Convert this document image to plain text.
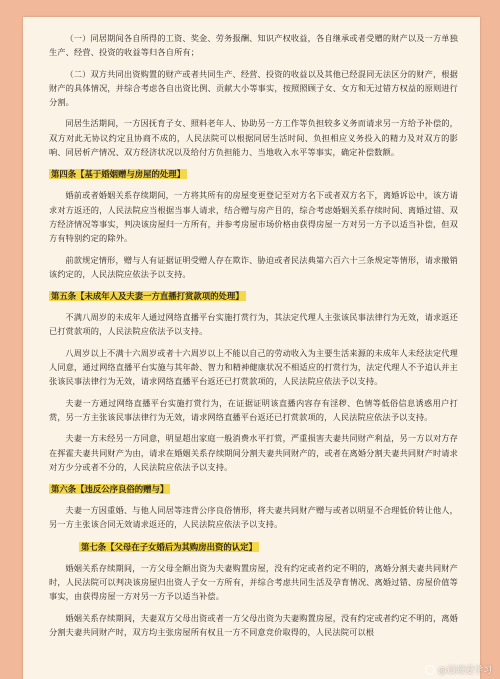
（一）同居期间各自所得的工资、奖金、劳务报酬、知识产权收益，各自继承或者受赠的财产以及一方单独生产、经营、投资的收益等归各自所有；

（二）双方共同出资购置的财产或者共同生产、经营、投资的收益以及其他已经混同无法区分的财产，根据财产的具体情况，并综合考虑各自出资比例、贡献大小等事实，按照照顾子女、女方和无过错方权益的原则进行分割。

同居生活期间，一方因抚育子女、照料老年人、协助另一方工作等负担较多义务而请求另一方给予补偿的，双方对此无协议约定且协商不成的，人民法院可以根据同居生活时间、负担相应义务投入的精力及对双方的影响、同居析产情况、双方经济状况以及给付方负担能力、当地收入水平等事实，确定补偿数额。

第四条【基于婚姻赠与房屋的处理】

婚前或者婚姻关系存续期间，一方将其所有的房屋变更登记至对方名下或者双方名下，离婚诉讼中，该方请求对方返还的，人民法院应当根据当事人请求，结合赠与房产目的，综合考虑婚姻关系存续时间、离婚过错、双方经济情况等事实，判决该房屋归一方所有，并参考房屋市场价格由获得房屋一方对另一方予以适当补偿，但双方有特别约定的除外。

前款规定情形，赠与人有证据证明受赠人存在欺诈、胁迫或者民法典第六百六十三条规定等情形，请求撤销该约定的，人民法院应依法予以支持。

第五条【未成年人及夫妻一方直播打赏款项的处理】

不满八周岁的未成年人通过网络直播平台实施打赏行为，其法定代理人主张该民事法律行为无效，请求返还已打赏款项的，人民法院应依法予以支持。

八周岁以上不满十六周岁或者十六周岁以上不能以自己的劳动收入为主要生活来源的未成年人未经法定代理人同意，通过网络直播平台实施与其年龄、智力和精神健康状况不相适应的打赏行为，法定代理人不予追认并主张该民事法律行为无效，请求网络直播平台返还已打赏款项的，人民法院应依法予以支持。

夫妻一方通过网络直播平台实施打赏行为，在证据证明该直播内容存有淫秽、色情等低俗信息诱惑用户打赏，另一方主张该民事法律行为无效，请求网络直播平台返还已打赏款项的，人民法院应依法予以支持。

夫妻一方未经另一方同意，明显超出家庭一般消费水平打赏，严重损害夫妻共同财产利益，另一方以对方存在挥霍夫妻共同财产为由，请求在婚姻关系存续期间分割夫妻共同财产的，或者在离婚分割夫妻共同财产时请求对方少分或者不分的，人民法院应依法予以支持。

第六条【违反公序良俗的赠与】

夫妻一方因重婚、与他人同居等违背公序良俗情形，将夫妻共同财产赠与或者以明显不合理低价转让他人，另一方主张该合同无效请求返还的，人民法院应依法予以支持。

第七条【父母在子女婚后为其购房出资的认定】

婚姻关系存续期间，一方父母全额出资为夫妻购置房屋，没有约定或者约定不明的，离婚分割夫妻共同财产时，人民法院可以判决该房屋归出资人子女一方所有，并综合考虑共同生活及孕育情况、离婚过错、房屋价值等事实，由获得房屋一方对另一方予以适当补偿。

婚姻关系存续期间，夫妻双方父母出资或者一方父母出资为夫妻购置房屋，没有约定或者约定不明的，离婚分割夫妻共同财产时，双方均主张房屋所有权且一方不同意竞价取得的，人民法院可以根

@晨曦爱学习
